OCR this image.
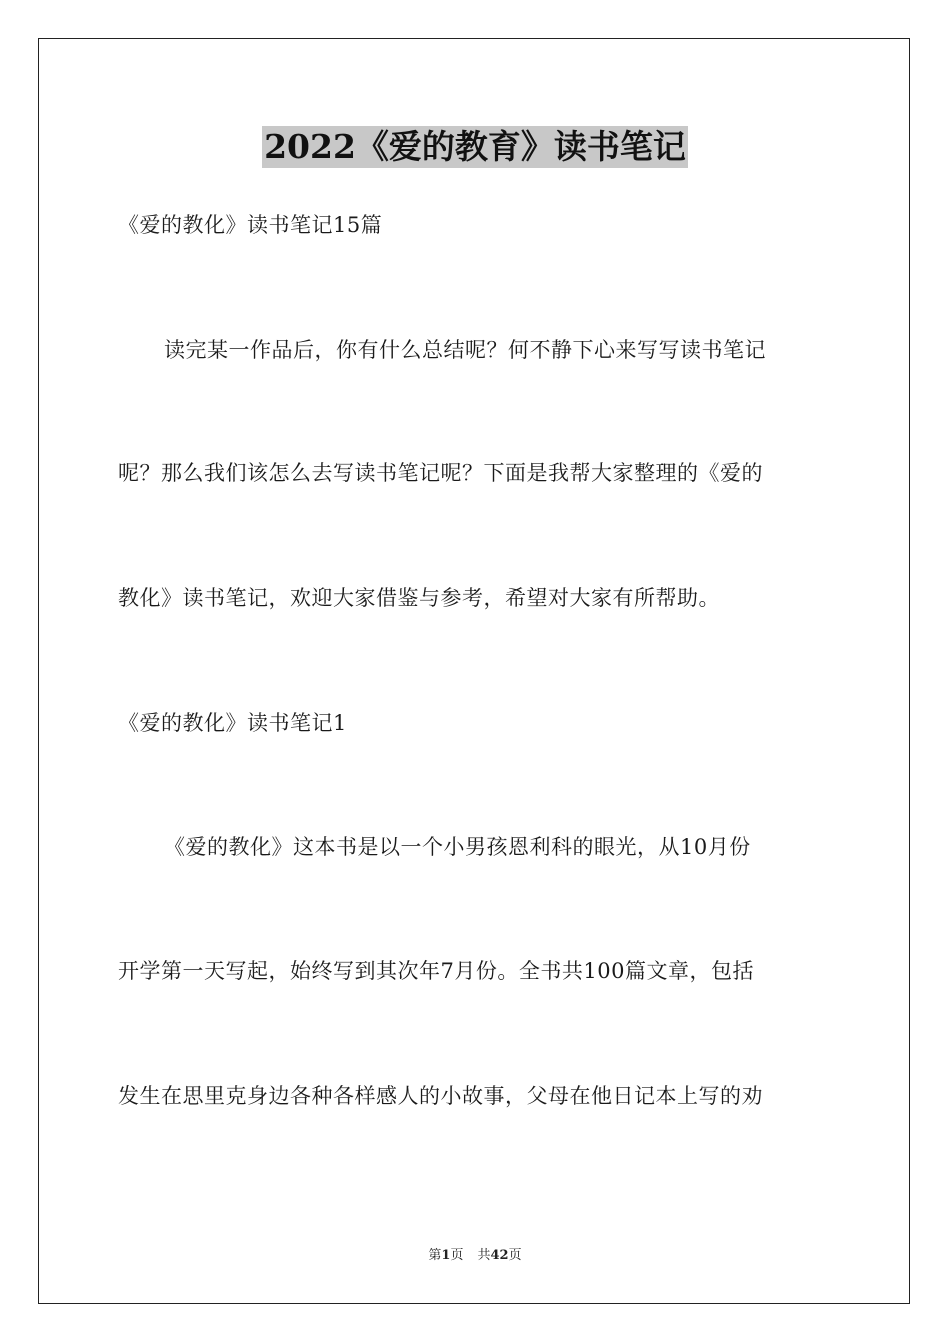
2022《爱的教育》读书笔记
《爱的教化》读书笔记15篇
读完某一作品后，你有什么总结呢？何不静下心来写写读书笔记
呢？那么我们该怎么去写读书笔记呢？下面是我帮大家整理的《爱的
教化》读书笔记，欢迎大家借鉴与参考，希望对大家有所帮助。
《爱的教化》读书笔记1
《爱的教化》这本书是以一个小男孩恩利科的眼光，从10月份
开学第一天写起，始终写到其次年7月份。全书共100篇文章，包括
发生在思里克身边各种各样感人的小故事，父母在他日记本上写的劝
第1页 共42页
